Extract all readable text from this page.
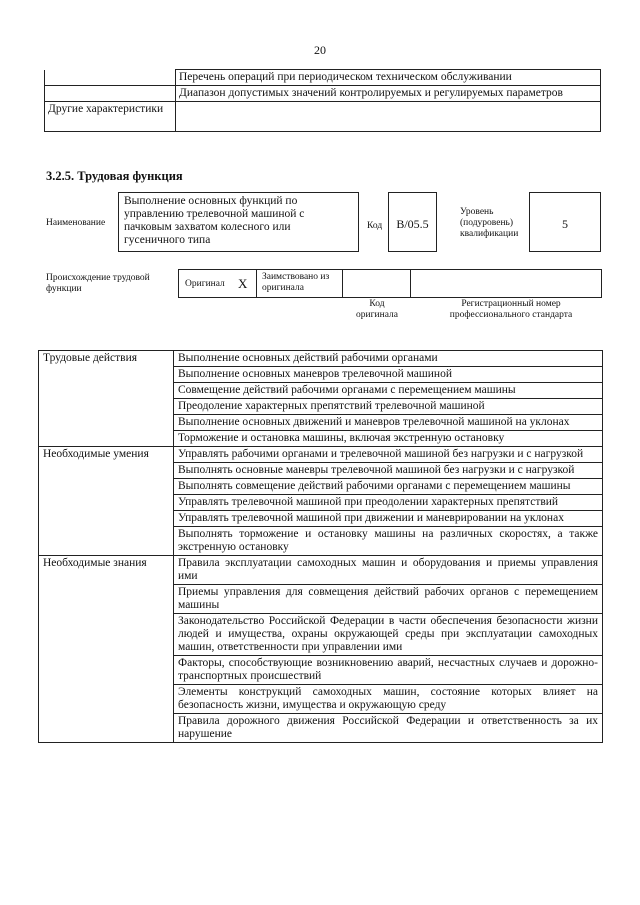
20
	Перечень операций при периодическом техническом обслуживании
	Диапазон допустимых значений контролируемых и регулируемых параметров
Другие характеристики	
3.2.5. Трудовая функция
Наименование
Выполнение основных функций по управлению трелевочной машиной с пачковым захватом колесного или гусеничного типа
Код	В/05.5
Уровень (подуровень) квалификации
5
Происхождение трудовой функции	Оригинал X Заимствовано из оригинала
Код оригинала
Регистрационный номер профессионального стандарта
Трудовые действия	Выполнение основных действий рабочими органами
	Выполнение основных маневров трелевочной машиной
	Совмещение действий рабочими органами с перемещением машины
	Преодоление характерных препятствий трелевочной машиной
	Выполнение основных движений и маневров трелевочной машиной на уклонах
	Торможение и остановка машины, включая экстренную остановку
Необходимые умения	Управлять рабочими органами и трелевочной машиной без нагрузки и с нагрузкой
	Выполнять основные маневры трелевочной машиной без нагрузки и с нагрузкой
	Выполнять совмещение действий рабочими органами с перемещением машины
	Управлять трелевочной машиной при преодолении характерных препятствий
	Управлять трелевочной машиной при движении и маневрировании на уклонах
	Выполнять торможение и остановку машины на различных скоростях, а также экстренную остановку
Необходимые знания	Правила эксплуатации самоходных машин и оборудования и приемы управления ими
	Приемы управления для совмещения действий рабочих органов с перемещением машины
	Законодательство Российской Федерации в части обеспечения безопасности жизни людей и имущества, охраны окружающей среды при эксплуатации самоходных машин, ответственности при управлении ими
	Факторы, способствующие возникновению аварий, несчастных случаев и дорожно-транспортных происшествий
	Элементы конструкций самоходных машин, состояние которых влияет на безопасность жизни, имущества и окружающую среду
	Правила дорожного движения Российской Федерации и ответственность за их нарушение
